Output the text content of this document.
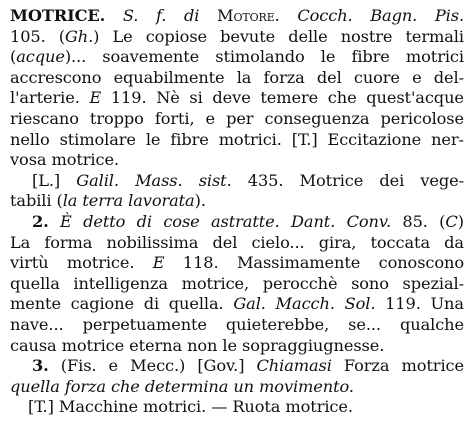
MOTRICE. S. f. di Motore. Cocch. Bagn. Pis.
105. (Gh.) Le copiose bevute delle nostre termali
(acque)... soavemente stimolando le fibre motrici
accrescono equabilmente la forza del cuore e del-
l'arterie. E 119. Nè si deve temere che quest'acque
riescano troppo forti, e per conseguenza pericolose
nello stimolare le fibre motrici. [T.] Eccitazione ner-
vosa motrice.
[L.] Galil. Mass. sist. 435. Motrice dei vege-
tabili (la terra lavorata).
2. È detto di cose astratte. Dant. Conv. 85. (C)
La forma nobilissima del cielo... gira, toccata da
virtù motrice. E 118. Massimamente conoscono
quella intelligenza motrice, perocchè sono spezial-
mente cagione di quella. Gal. Macch. Sol. 119. Una
nave... perpetuamente quieterebbe, se... qualche
causa motrice eterna non le sopraggiugnesse.
3. (Fis. e Mecc.) [Gov.] Chiamasi Forza motrice
quella forza che determina un movimento.
[T.] Macchine motrici. — Ruota motrice.
